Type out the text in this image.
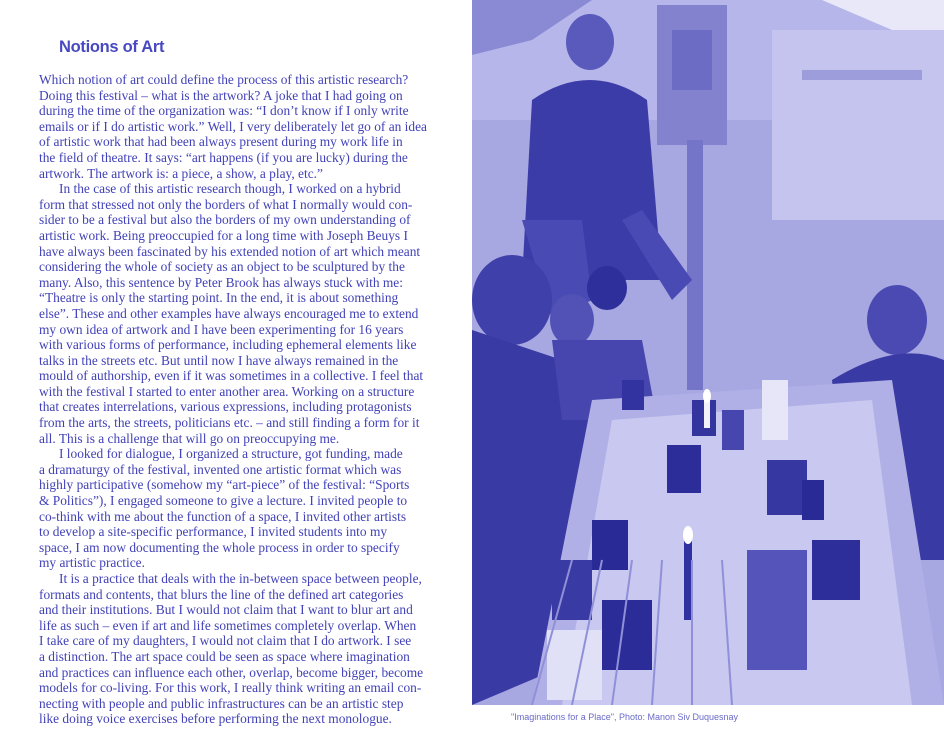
Notions of Art

Which notion of art could define the process of this artistic research?
Doing this festival – what is the artwork? A joke that I had going on
during the time of the organization was: “I don’t know if I only write
emails or if I do artistic work.” Well, I very deliberately let go of an idea
of artistic work that had been always present during my work life in
the field of theatre. It says: “art happens (if you are lucky) during the
artwork. The artwork is: a piece, a show, a play, etc.”

In the case of this artistic research though, I worked on a hybrid
form that stressed not only the borders of what I normally would con-
sider to be a festival but also the borders of my own understanding of
artistic work. Being preoccupied for a long time with Joseph Beuys I
have always been fascinated by his extended notion of art which meant
considering the whole of society as an object to be sculptured by the
many. Also, this sentence by Peter Brook has always stuck with me:
“Theatre is only the starting point. In the end, it is about something
else”. These and other examples have always encouraged me to extend
my own idea of artwork and I have been experimenting for 16 years
with various forms of performance, including ephemeral elements like
talks in the streets etc. But until now I have always remained in the
mould of authorship, even if it was sometimes in a collective. I feel that
with the festival I started to enter another area. Working on a structure
that creates interrelations, various expressions, including protagonists
from the arts, the streets, politicians etc. – and still finding a form for it
all. This is a challenge that will go on preoccupying me.

I looked for dialogue, I organized a structure, got funding, made
a dramaturgy of the festival, invented one artistic format which was
highly participative (somehow my “art-piece” of the festival: “Sports
& Politics”), I engaged someone to give a lecture. I invited people to
co-think with me about the function of a space, I invited other artists
to develop a site-specific performance, I invited students into my
space, I am now documenting the whole process in order to specify
my artistic practice.

It is a practice that deals with the in-between space between people,
formats and contents, that blurs the line of the defined art categories
and their institutions. But I would not claim that I want to blur art and
life as such – even if art and life sometimes completely overlap. When
I take care of my daughters, I would not claim that I do artwork. I see
a distinction. The art space could be seen as space where imagination
and practices can influence each other, overlap, become bigger, become
models for co-living. For this work, I really think writing an email con-
necting with people and public infrastructures can be an artistic step
like doing voice exercises before performing the next monologue.	"Imaginations for a Place", Photo: Manon Siv Duquesnay
